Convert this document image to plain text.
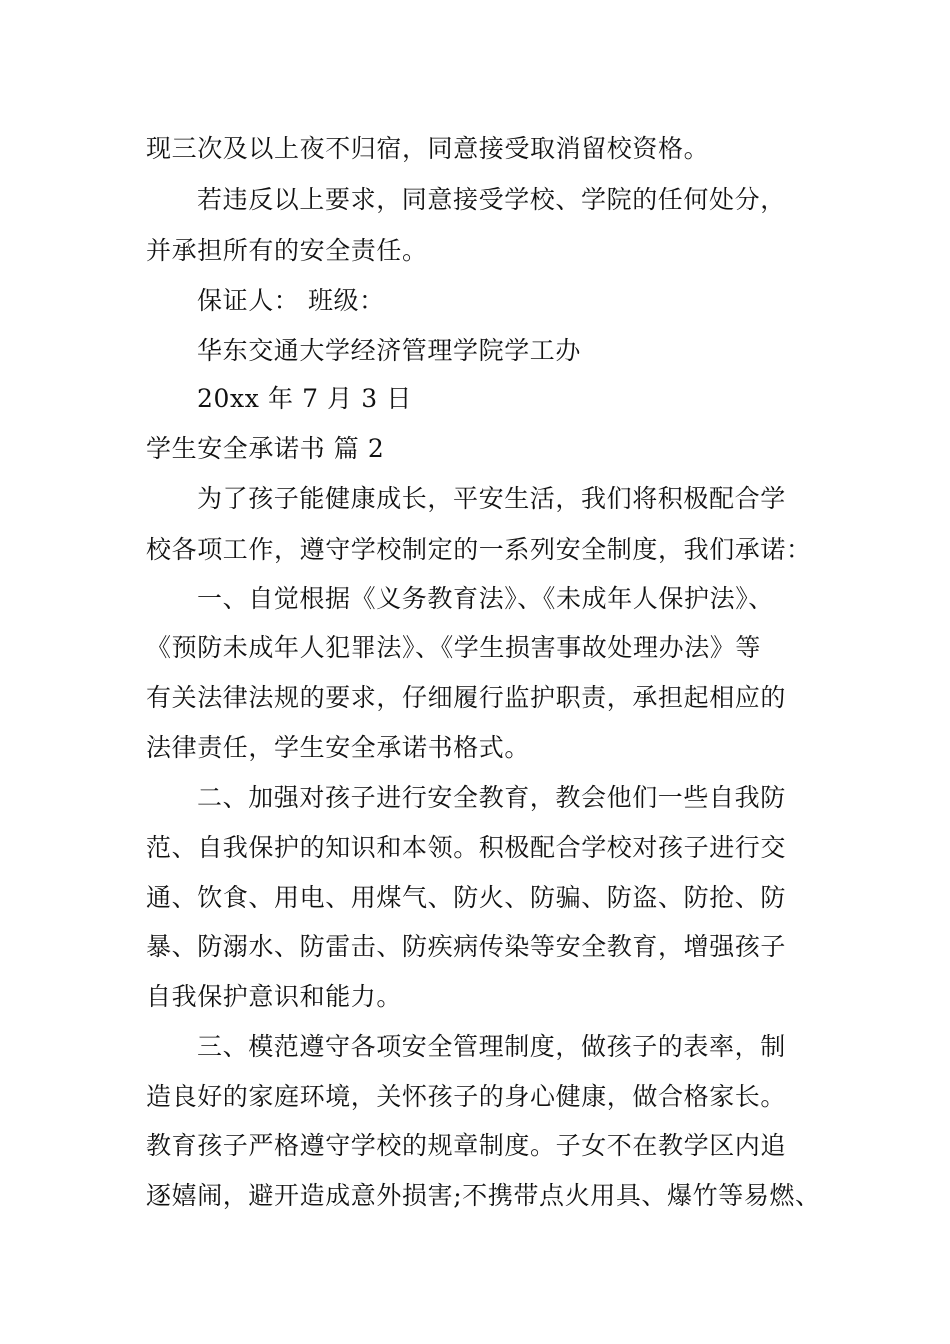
现三次及以上夜不归宿，同意接受取消留校资格。
若违反以上要求，同意接受学校、学院的任何处分，
并承担所有的安全责任。
保证人： 班级：
华东交通大学经济管理学院学工办
20xx 年 7 月 3 日
学生安全承诺书 篇 2
为了孩子能健康成长，平安生活，我们将积极配合学
校各项工作，遵守学校制定的一系列安全制度，我们承诺：
一、自觉根据《义务教育法》、《未成年人保护法》、
《预防未成年人犯罪法》、《学生损害事故处理办法》等
有关法律法规的要求，仔细履行监护职责，承担起相应的
法律责任，学生安全承诺书格式。
二、加强对孩子进行安全教育，教会他们一些自我防
范、自我保护的知识和本领。积极配合学校对孩子进行交
通、饮食、用电、用煤气、防火、防骗、防盗、防抢、防
暴、防溺水、防雷击、防疾病传染等安全教育，增强孩子
自我保护意识和能力。
三、模范遵守各项安全管理制度，做孩子的表率，制
造良好的家庭环境，关怀孩子的身心健康，做合格家长。
教育孩子严格遵守学校的规章制度。子女不在教学区内追
逐嬉闹，避开造成意外损害;不携带点火用具、爆竹等易燃、
